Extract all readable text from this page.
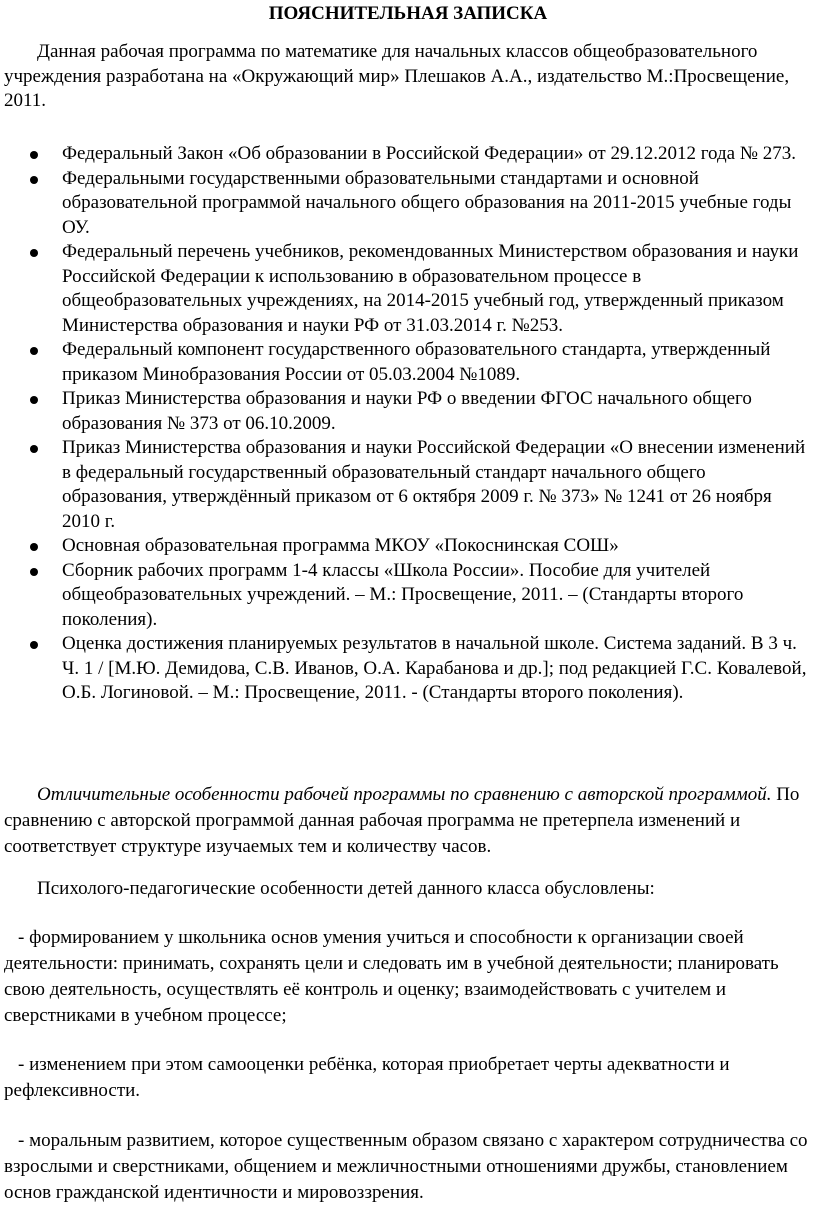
ПОЯСНИТЕЛЬНАЯ ЗАПИСКА

Данная рабочая программа по математике для начальных классов общеобразовательного учреждения разработана на «Окружающий мир» Плешаков А.А., издательство М.:Просвещение, 2011.

Федеральный Закон «Об образовании в Российской Федерации» от 29.12.2012 года № 273.
Федеральными государственными образовательными стандартами и основной образовательной программой начального общего образования на 2011-2015 учебные годы ОУ.
Федеральный перечень учебников, рекомендованных Министерством образования и науки Российской Федерации к использованию в образовательном процессе в общеобразовательных учреждениях, на 2014-2015 учебный год, утвержденный приказом Министерства образования и науки РФ от 31.03.2014 г. №253.
Федеральный компонент государственного образовательного стандарта, утвержденный приказом Минобразования России от 05.03.2004 №1089.
Приказ Министерства образования и науки РФ о введении ФГОС начального общего образования № 373 от 06.10.2009.
Приказ Министерства образования и науки Российской Федерации «О внесении изменений в федеральный государственный образовательный стандарт начального общего образования, утверждённый приказом от 6 октября 2009 г. № 373» № 1241 от 26 ноября 2010 г.
Основная образовательная программа МКОУ «Покоснинская СОШ»
Сборник рабочих программ 1-4 классы «Школа России». Пособие для учителей общеобразовательных учреждений. – М.: Просвещение, 2011. – (Стандарты второго поколения).
Оценка достижения планируемых результатов в начальной школе. Система заданий. В 3 ч. Ч. 1 / [М.Ю. Демидова, С.В. Иванов, О.А. Карабанова и др.]; под редакцией Г.С. Ковалевой, О.Б. Логиновой. – М.: Просвещение, 2011. - (Стандарты второго поколения).

Отличительные особенности рабочей программы по сравнению с авторской программой. По сравнению с авторской программой данная рабочая программа не претерпела изменений и соответствует структуре изучаемых тем и количеству часов.

Психолого-педагогические особенности детей данного класса обусловлены:

- формированием у школьника основ умения учиться и способности к организации своей деятельности: принимать, сохранять цели и следовать им в учебной деятельности; планировать свою деятельность, осуществлять её контроль и оценку; взаимодействовать с учителем и сверстниками в учебном процессе;

- изменением при этом самооценки ребёнка, которая приобретает черты адекватности и рефлексивности.

- моральным развитием, которое существенным образом связано с характером сотрудничества со взрослыми и сверстниками, общением и межличностными отношениями дружбы, становлением основ гражданской идентичности и мировоззрения.
